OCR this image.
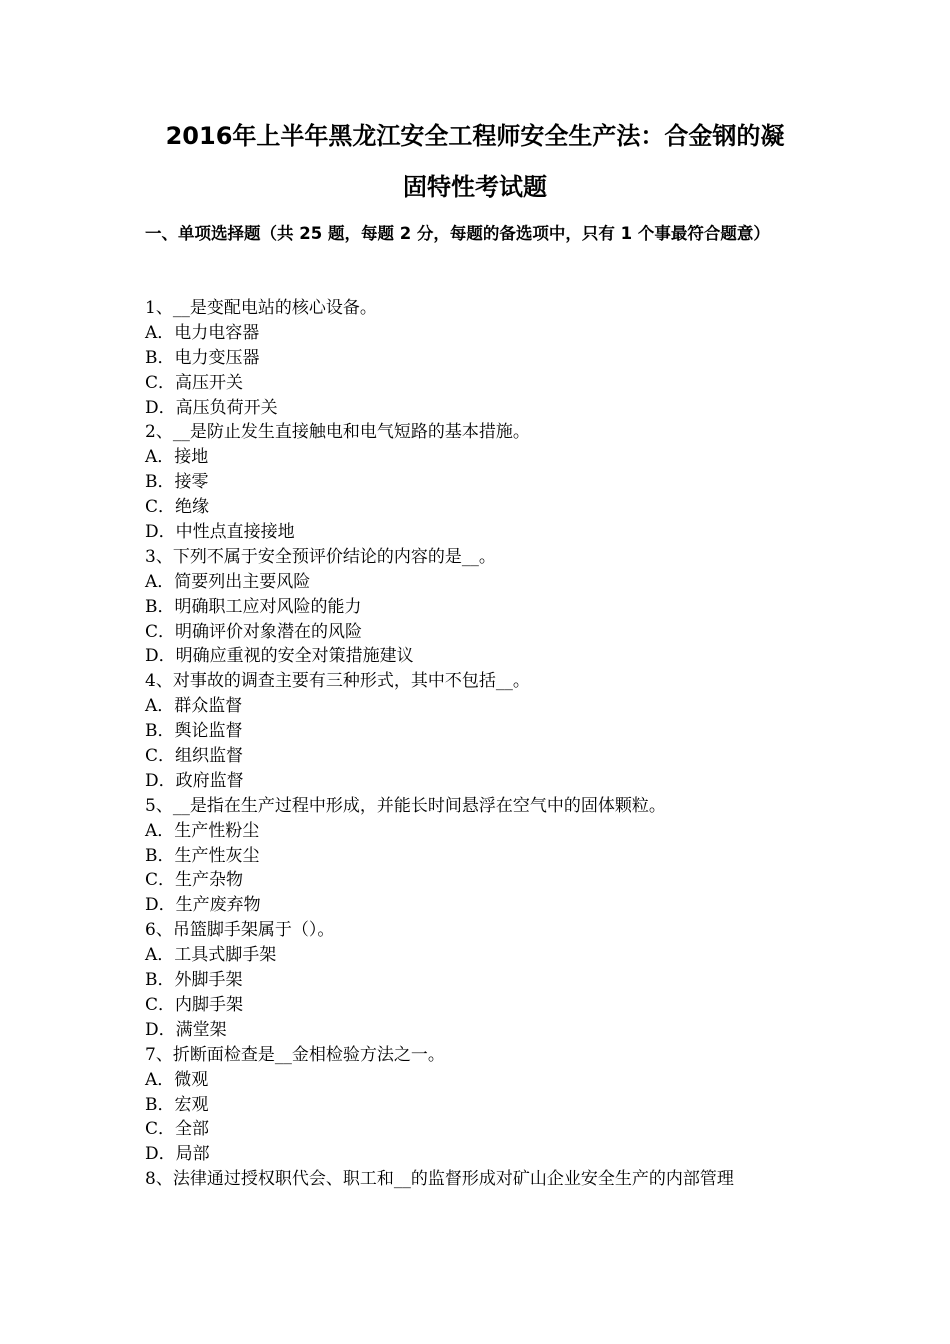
2016年上半年黑龙江安全工程师安全生产法：合金钢的凝
固特性考试题
一、单项选择题（共 25 题，每题 2 分，每题的备选项中，只有 1 个事最符合题意）
1、__是变配电站的核心设备。
A．电力电容器
B．电力变压器
C．高压开关
D．高压负荷开关
2、__是防止发生直接触电和电气短路的基本措施。
A．接地
B．接零
C．绝缘
D．中性点直接接地
3、下列不属于安全预评价结论的内容的是__。
A．简要列出主要风险
B．明确职工应对风险的能力
C．明确评价对象潜在的风险
D．明确应重视的安全对策措施建议
4、对事故的调查主要有三种形式，其中不包括__。
A．群众监督
B．舆论监督
C．组织监督
D．政府监督
5、__是指在生产过程中形成，并能长时间悬浮在空气中的固体颗粒。
A．生产性粉尘
B．生产性灰尘
C．生产杂物
D．生产废弃物
6、吊篮脚手架属于（）。
A．工具式脚手架
B．外脚手架
C．内脚手架
D．满堂架
7、折断面检查是__金相检验方法之一。
A．微观
B．宏观
C．全部
D．局部
8、法律通过授权职代会、职工和__的监督形成对矿山企业安全生产的内部管理
